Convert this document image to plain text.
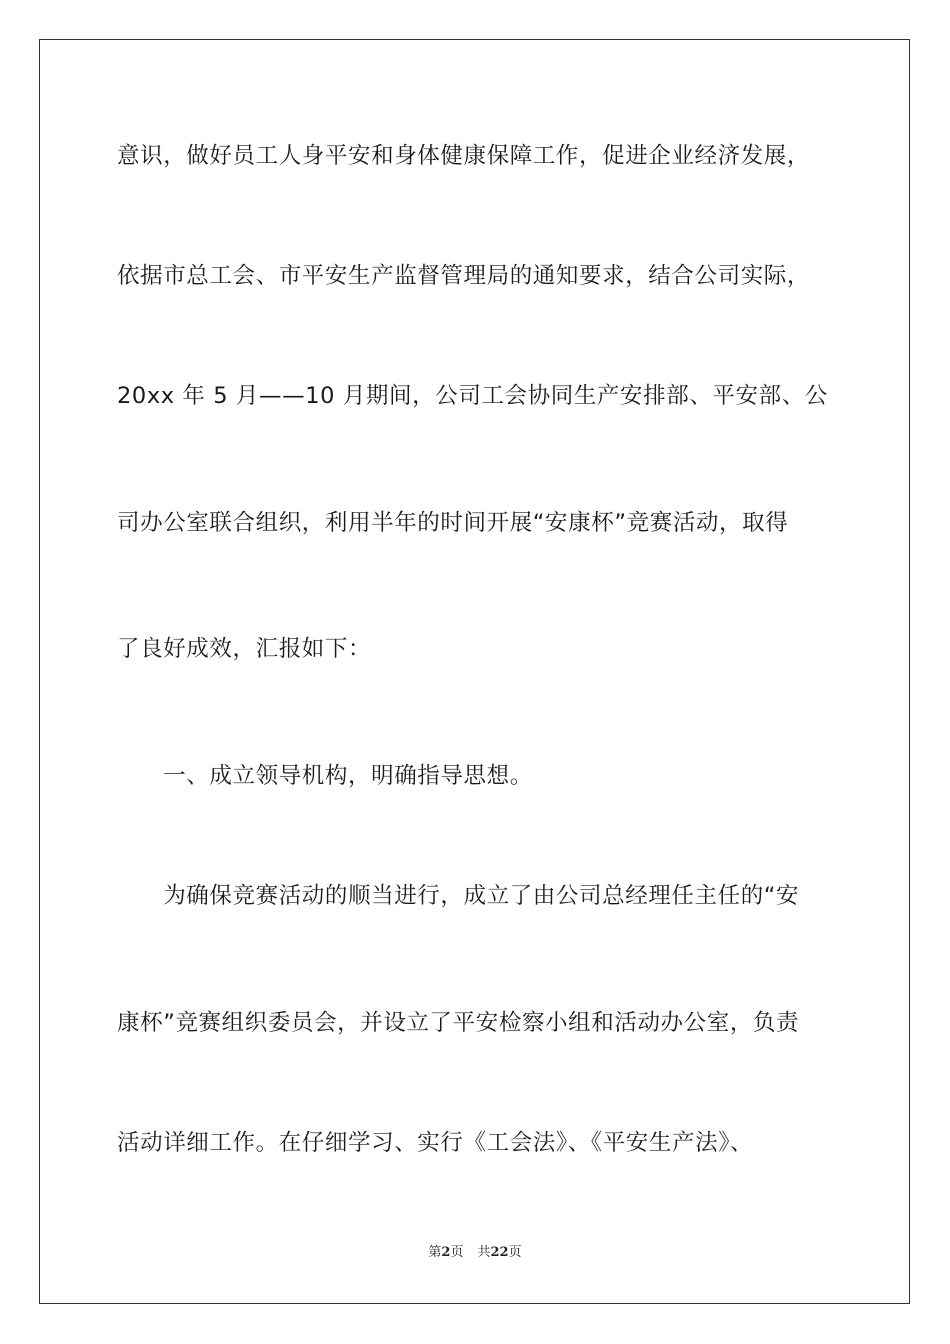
意识，做好员工人身平安和身体健康保障工作，促进企业经济发展，
依据市总工会、市平安生产监督管理局的通知要求，结合公司实际，
20xx 年 5 月——10 月期间，公司工会协同生产安排部、平安部、公
司办公室联合组织，利用半年的时间开展“安康杯”竞赛活动，取得
了良好成效，汇报如下：
　　一、成立领导机构，明确指导思想。
　　为确保竞赛活动的顺当进行，成立了由公司总经理任主任的“安
康杯”竞赛组织委员会，并设立了平安检察小组和活动办公室，负责
活动详细工作。在仔细学习、实行《工会法》、《平安生产法》、
第2页 共22页
